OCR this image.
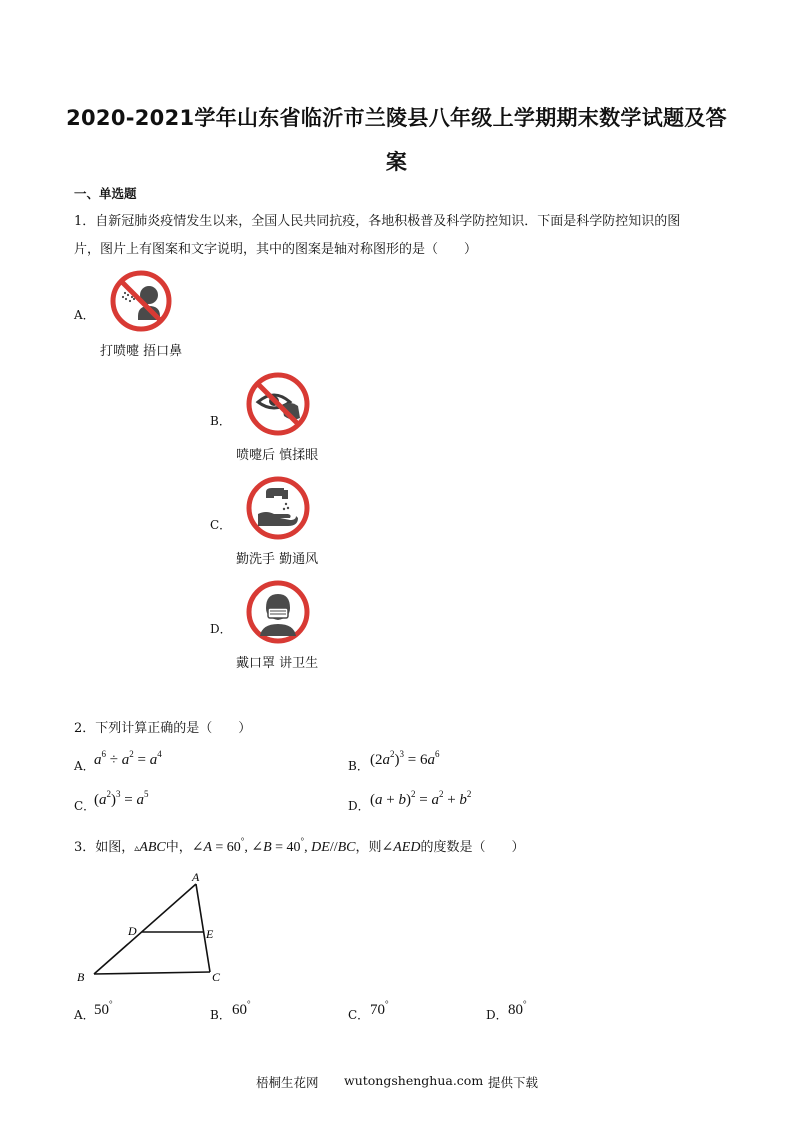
2020-2021学年山东省临沂市兰陵县八年级上学期期末数学试题及答
案
一、单选题
1．自新冠肺炎疫情发生以来，全国人民共同抗疫，各地积极普及科学防控知识．下面是科学防控知识的图
片，图片上有图案和文字说明，其中的图案是轴对称图形的是（　　）
A．
打喷嚏 捂口鼻
B．
喷嚏后 慎揉眼
C．
勤洗手 勤通风
D．
戴口罩 讲卫生
2．下列计算正确的是（　　）
A． $a^6 \div a^2 = a^4$
B． $(2a^2)^3 = 6a^6$
C．
$(a^2)^3 = a^5$
D． $(a + b)^2 = a^2 + b^2$
3．如图，▵ABC中，∠A = 60°, ∠B = 40°, DE//BC，则∠AED的度数是（　　）
A
B	C
D	E
A． 50°
B． 60°
C． 70°
D． 80°
梧桐生花网 wutongshenghua.com 提供下载
